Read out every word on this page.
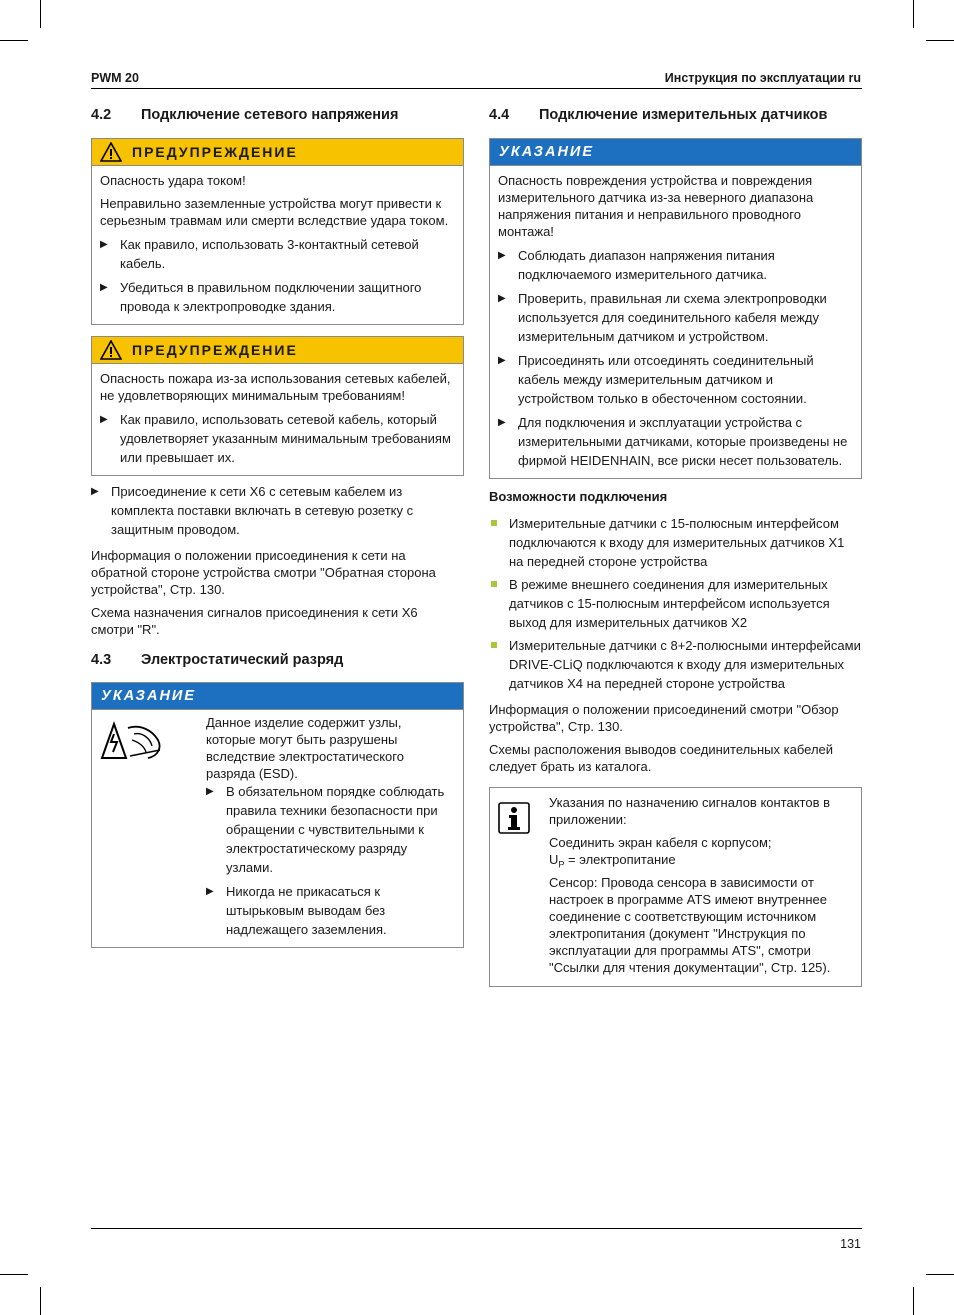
PWM 20	Инструкция по эксплуатации ru
4.2	Подключение сетевого напряжения
ПРЕДУПРЕЖДЕНИЕ

Опасность удара током!

Неправильно заземленные устройства могут привести к серьезным травмам или смерти вследствие удара током.

▶ Как правило, использовать 3-контактный сетевой кабель.
▶ Убедиться в правильном подключении защитного провода к электропроводке здания.
ПРЕДУПРЕЖДЕНИЕ

Опасность пожара из-за использования сетевых кабелей, не удовлетворяющих минимальным требованиям!

▶ Как правило, использовать сетевой кабель, который удовлетворяет указанным минимальным требованиям или превышает их.
▶ Присоединение к сети X6 с сетевым кабелем из комплекта поставки включать в сетевую розетку с защитным проводом.

Информация о положении присоединения к сети на обратной стороне устройства смотри "Обратная сторона устройства", Стр. 130.

Схема назначения сигналов присоединения к сети X6 смотри "R".

4.3	Электростатический разряд
УКАЗАНИЕ

Данное изделие содержит узлы, которые могут быть разрушены вследствие электростатического разряда (ESD).

▶ В обязательном порядке соблюдать правила техники безопасности при обращении с чувствительными к электростатическому разряду узлами.
▶ Никогда не прикасаться к штырьковым выводам без надлежащего заземления.
4.4	Подключение измерительных датчиков
УКАЗАНИЕ

Опасность повреждения устройства и повреждения измерительного датчика из-за неверного диапазона напряжения питания и неправильного проводного монтажа!

▶ Соблюдать диапазон напряжения питания подключаемого измерительного датчика.
▶ Проверить, правильная ли схема электропроводки используется для соединительного кабеля между измерительным датчиком и устройством.
▶ Присоединять или отсоединять соединительный кабель между измерительным датчиком и устройством только в обесточенном состоянии.
▶ Для подключения и эксплуатации устройства с измерительными датчиками, которые произведены не фирмой HEIDENHAIN, все риски несет пользователь.

Возможности подключения

Измерительные датчики с 15-полюсным интерфейсом подключаются к входу для измерительных датчиков X1 на передней стороне устройства
В режиме внешнего соединения для измерительных датчиков с 15-полюсным интерфейсом используется выход для измерительных датчиков X2
Измерительные датчики с 8+2-полюсными интерфейсами DRIVE-CLiQ подключаются к входу для измерительных датчиков X4 на передней стороне устройства

Информация о положении присоединений смотри "Обзор устройства", Стр. 130.

Схемы расположения выводов соединительных кабелей следует брать из каталога.

Указания по назначению сигналов контактов в приложении:

Соединить экран кабеля с корпусом;

$U_P$ = электропитание

Сенсор: Провода сенсора в зависимости от настроек в программе ATS имеют внутреннее соединение с соответствующим источником электропитания (документ "Инструкция по эксплуатации для программы ATS", смотри "Ссылки для чтения документации", Стр. 125).

131
